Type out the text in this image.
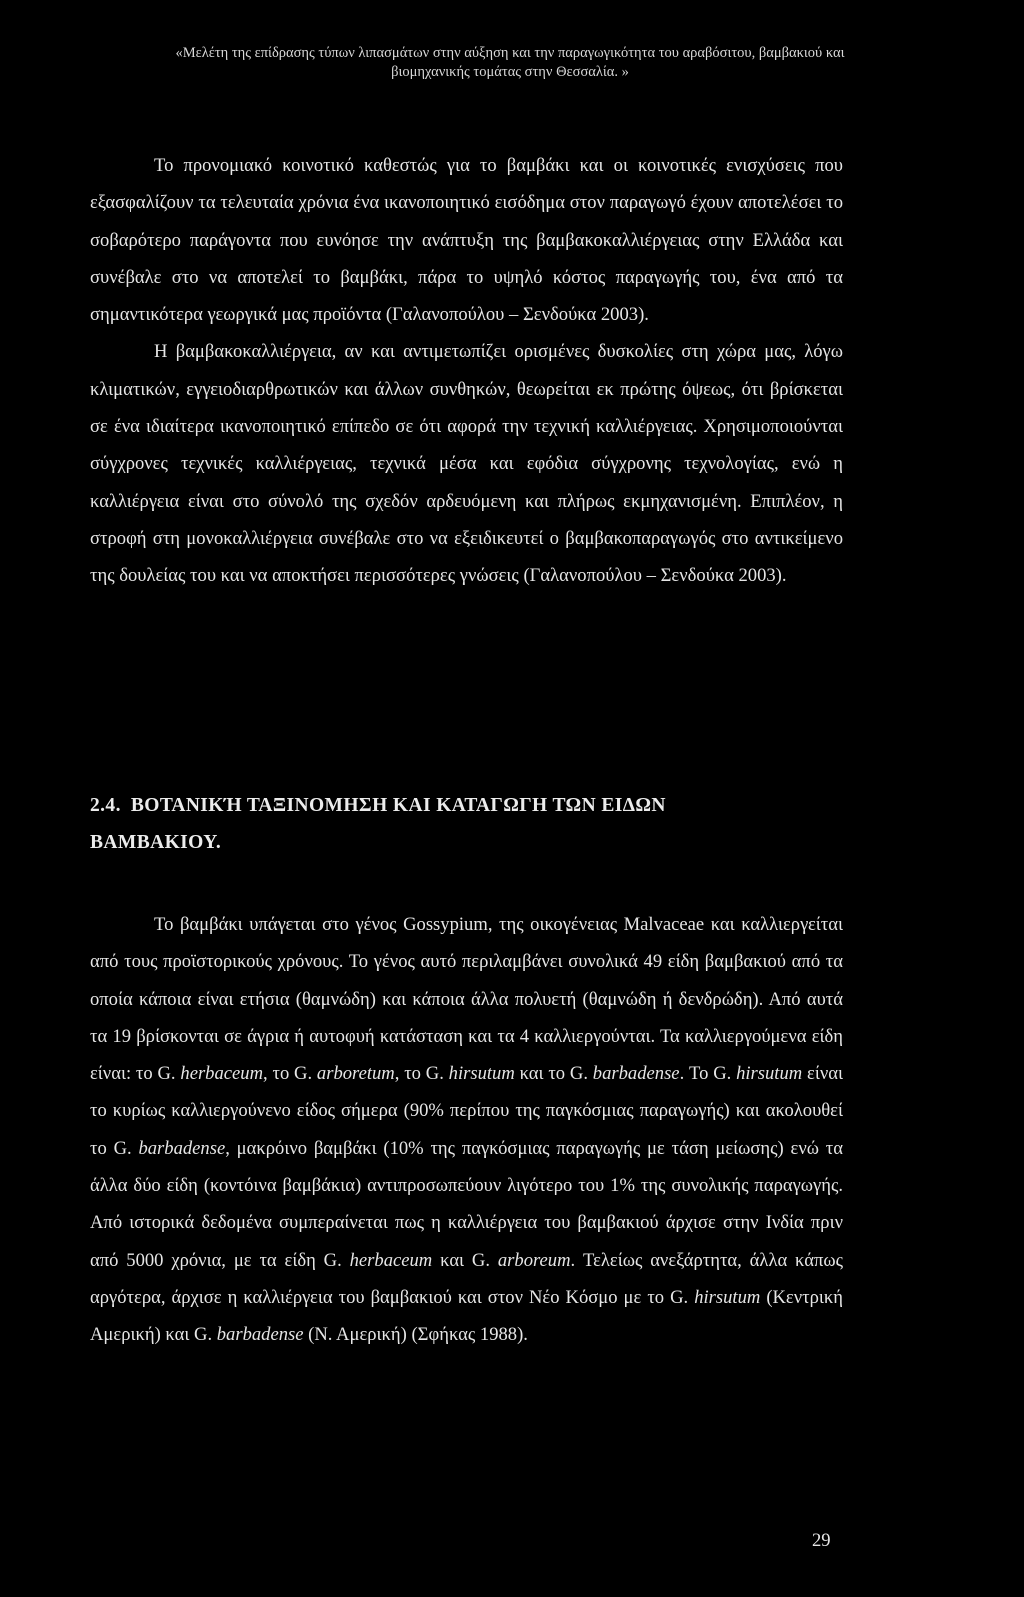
«Μελέτη της επίδρασης τύπων λιπασμάτων στην αύξηση και την παραγωγικότητα του αραβόσιτου, βαμβακιού και
βιομηχανικής τομάτας στην Θεσσαλία. »

Το προνομιακό κοινοτικό καθεστώς για το βαμβάκι και οι κοινοτικές ενισχύσεις που εξασφαλίζουν τα τελευταία χρόνια ένα ικανοποιητικό εισόδημα στον παραγωγό έχουν αποτελέσει το σοβαρότερο παράγοντα που ευνόησε την ανάπτυξη της βαμβακοκαλλιέργειας στην Ελλάδα και συνέβαλε στο να αποτελεί το βαμβάκι, πάρα το υψηλό κόστος παραγωγής του, ένα από τα σημαντικότερα γεωργικά μας προϊόντα (Γαλανοπούλου – Σενδούκα 2003).

Η βαμβακοκαλλιέργεια, αν και αντιμετωπίζει ορισμένες δυσκολίες στη χώρα μας, λόγω κλιματικών, εγγειοδιαρθρωτικών και άλλων συνθηκών, θεωρείται εκ πρώτης όψεως, ότι βρίσκεται σε ένα ιδιαίτερα ικανοποιητικό επίπεδο σε ότι αφορά την τεχνική καλλιέργειας. Χρησιμοποιούνται σύγχρονες τεχνικές καλλιέργειας, τεχνικά μέσα και εφόδια σύγχρονης τεχνολογίας, ενώ η καλλιέργεια είναι στο σύνολό της σχεδόν αρδευόμενη και πλήρως εκμηχανισμένη. Επιπλέον, η στροφή στη μονοκαλλιέργεια συνέβαλε στο να εξειδικευτεί ο βαμβακοπαραγωγός στο αντικείμενο της δουλείας του και να αποκτήσει περισσότερες γνώσεις (Γαλανοπούλου – Σενδούκα 2003).

2.4. ΒΟΤΑΝΙΚΉ ΤΑΞΙΝΟΜΗΣΗ ΚΑΙ ΚΑΤΑΓΩΓΗ ΤΩΝ ΕΙΔΩΝ ΒΑΜΒΑΚΙΟΥ.

Το βαμβάκι υπάγεται στο γένος Gossypium, της οικογένειας Malvaceae και καλλιεργείται από τους προϊστορικούς χρόνους. Το γένος αυτό περιλαμβάνει συνολικά 49 είδη βαμβακιού από τα οποία κάποια είναι ετήσια (θαμνώδη) και κάποια άλλα πολυετή (θαμνώδη ή δενδρώδη). Από αυτά τα 19 βρίσκονται σε άγρια ή αυτοφυή κατάσταση και τα 4 καλλιεργούνται. Τα καλλιεργούμενα είδη είναι: το G. herbaceum, το G. arboretum, το G. hirsutum και το G. barbadense. Το G. hirsutum είναι το κυρίως καλλιεργούνενο είδος σήμερα (90% περίπου της παγκόσμιας παραγωγής) και ακολουθεί το G. barbadense, μακρόινο βαμβάκι (10% της παγκόσμιας παραγωγής με τάση μείωσης) ενώ τα άλλα δύο είδη (κοντόινα βαμβάκια) αντιπροσωπεύουν λιγότερο του 1% της συνολικής παραγωγής. Από ιστορικά δεδομένα συμπεραίνεται πως η καλλιέργεια του βαμβακιού άρχισε στην Ινδία πριν από 5000 χρόνια, με τα είδη G. herbaceum και G. arboreum. Τελείως ανεξάρτητα, άλλα κάπως αργότερα, άρχισε η καλλιέργεια του βαμβακιού και στον Νέο Κόσμο με το G. hirsutum (Κεντρική Αμερική) και G. barbadense (Ν. Αμερική) (Σφήκας 1988).

29
